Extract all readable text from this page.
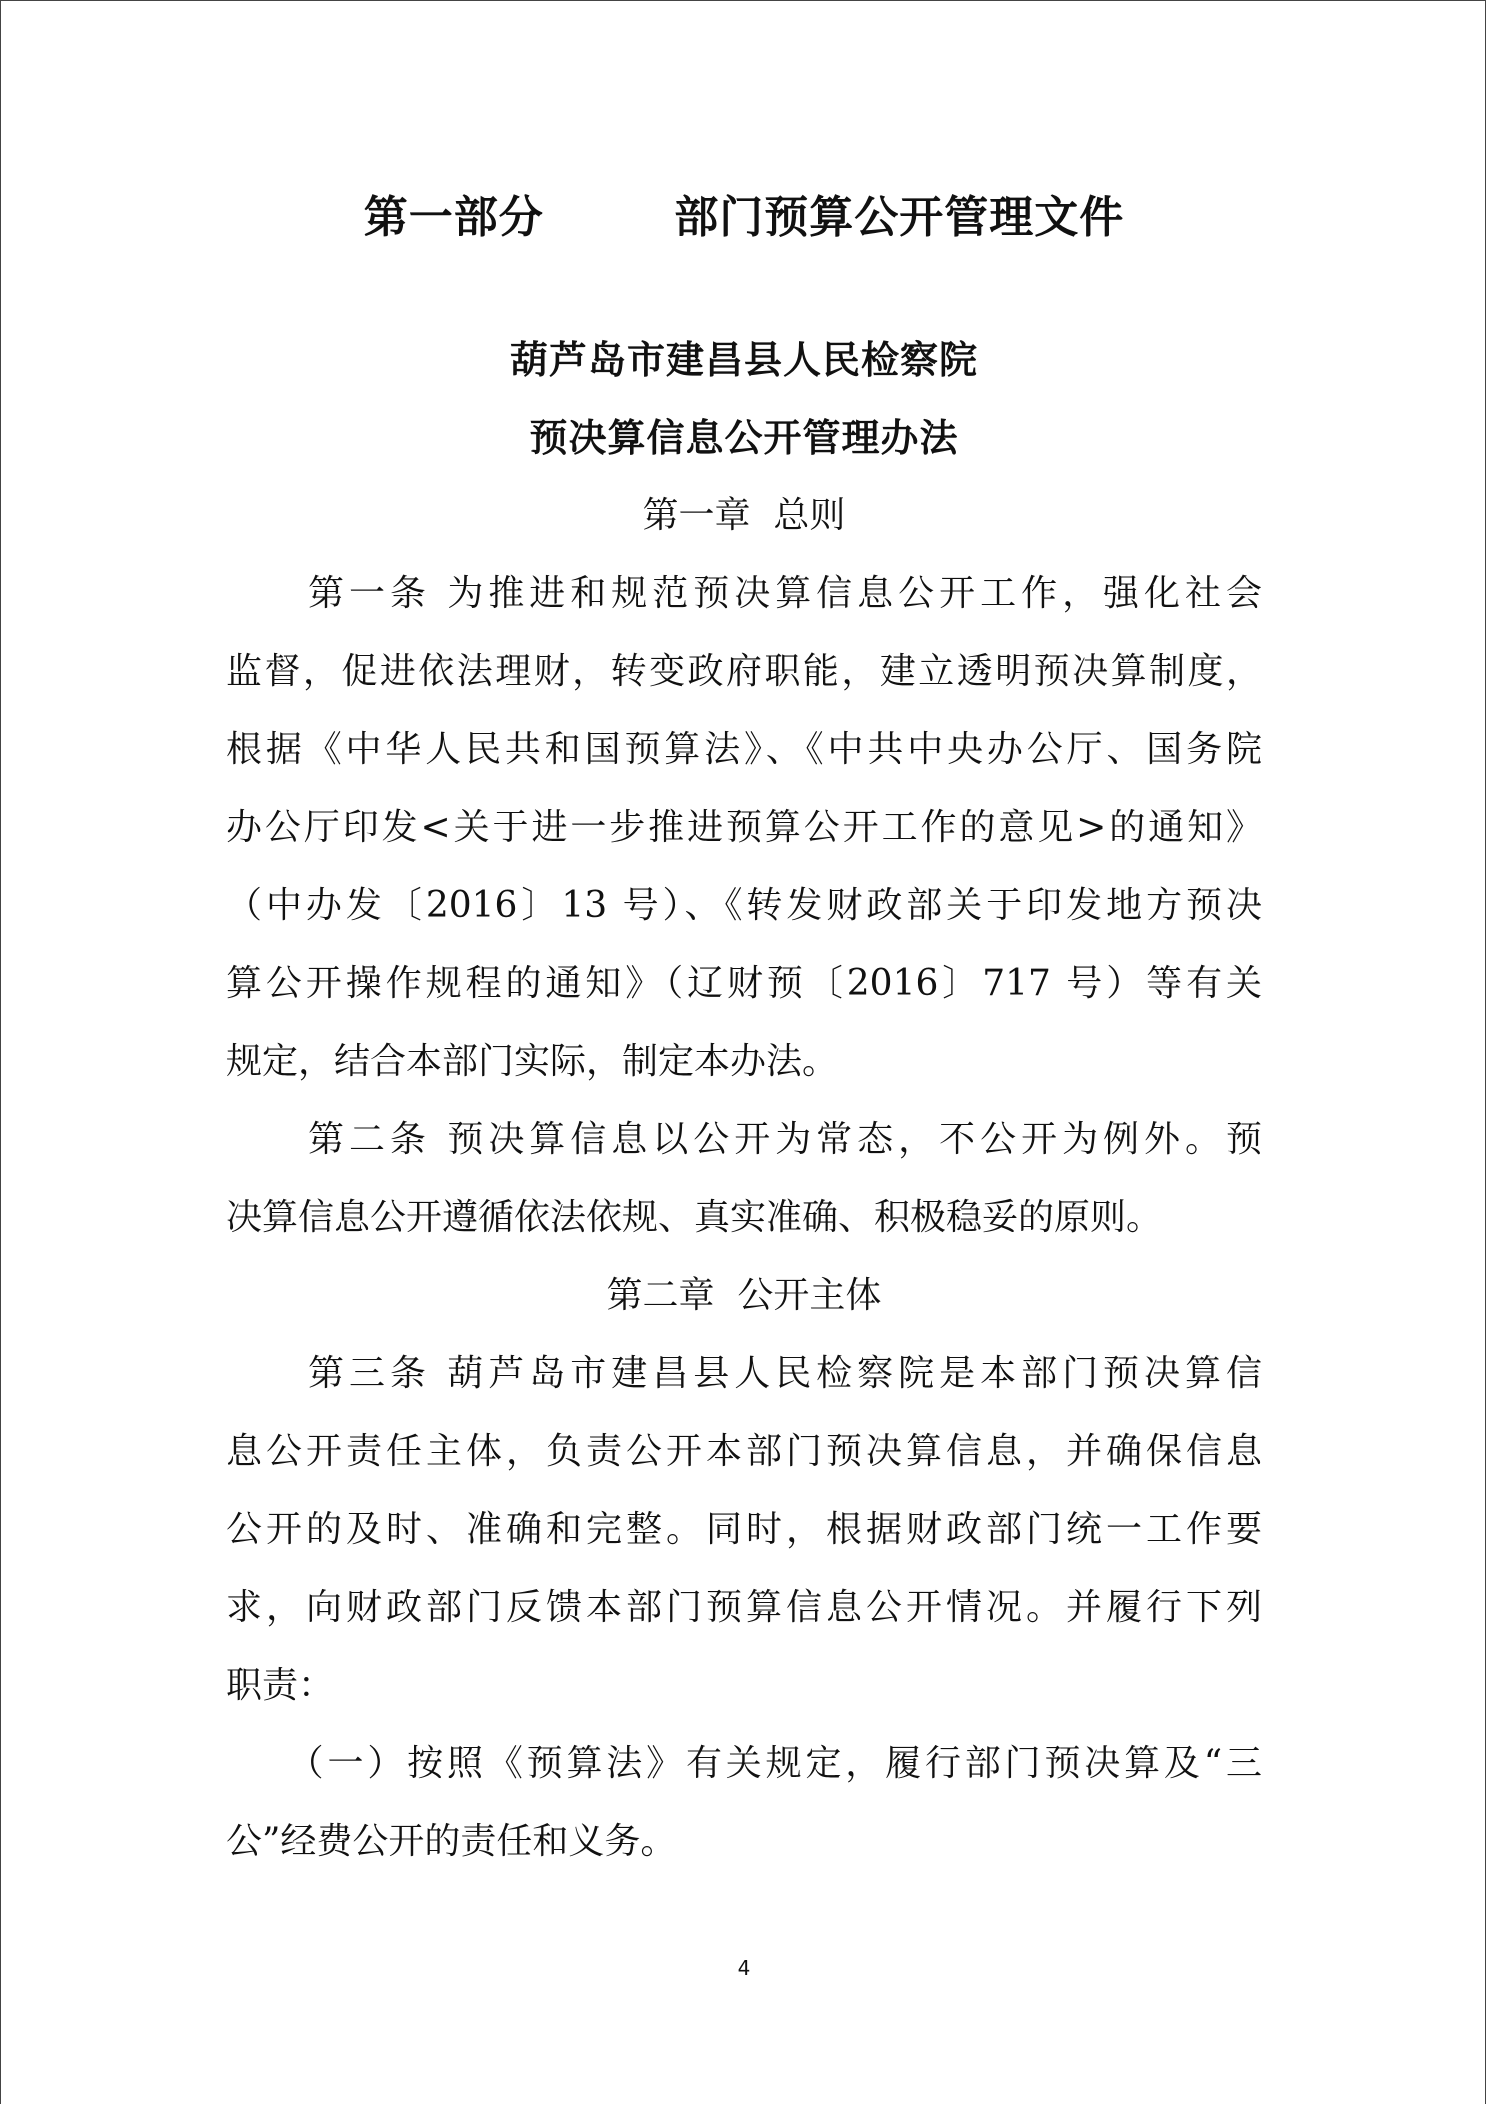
第一部分        部门预算公开管理文件
葫芦岛市建昌县人民检察院
预决算信息公开管理办法
第一章  总则
　　第一条 为推进和规范预决算信息公开工作，强化社会
监督，促进依法理财，转变政府职能，建立透明预决算制度，
根据《中华人民共和国预算法》、《中共中央办公厅、国务院
办公厅印发<关于进一步推进预算公开工作的意见>的通知》
（中办发〔2016〕13 号）、《转发财政部关于印发地方预决
算公开操作规程的通知》（辽财预〔2016〕717 号）等有关
规定，结合本部门实际，制定本办法。
　　第二条 预决算信息以公开为常态，不公开为例外。预
决算信息公开遵循依法依规、真实准确、积极稳妥的原则。
第二章  公开主体
　　第三条 葫芦岛市建昌县人民检察院是本部门预决算信
息公开责任主体，负责公开本部门预决算信息，并确保信息
公开的及时、准确和完整。同时，根据财政部门统一工作要
求，向财政部门反馈本部门预算信息公开情况。并履行下列
职责：
　　（一）按照《预算法》有关规定，履行部门预决算及“三
公”经费公开的责任和义务。
4
